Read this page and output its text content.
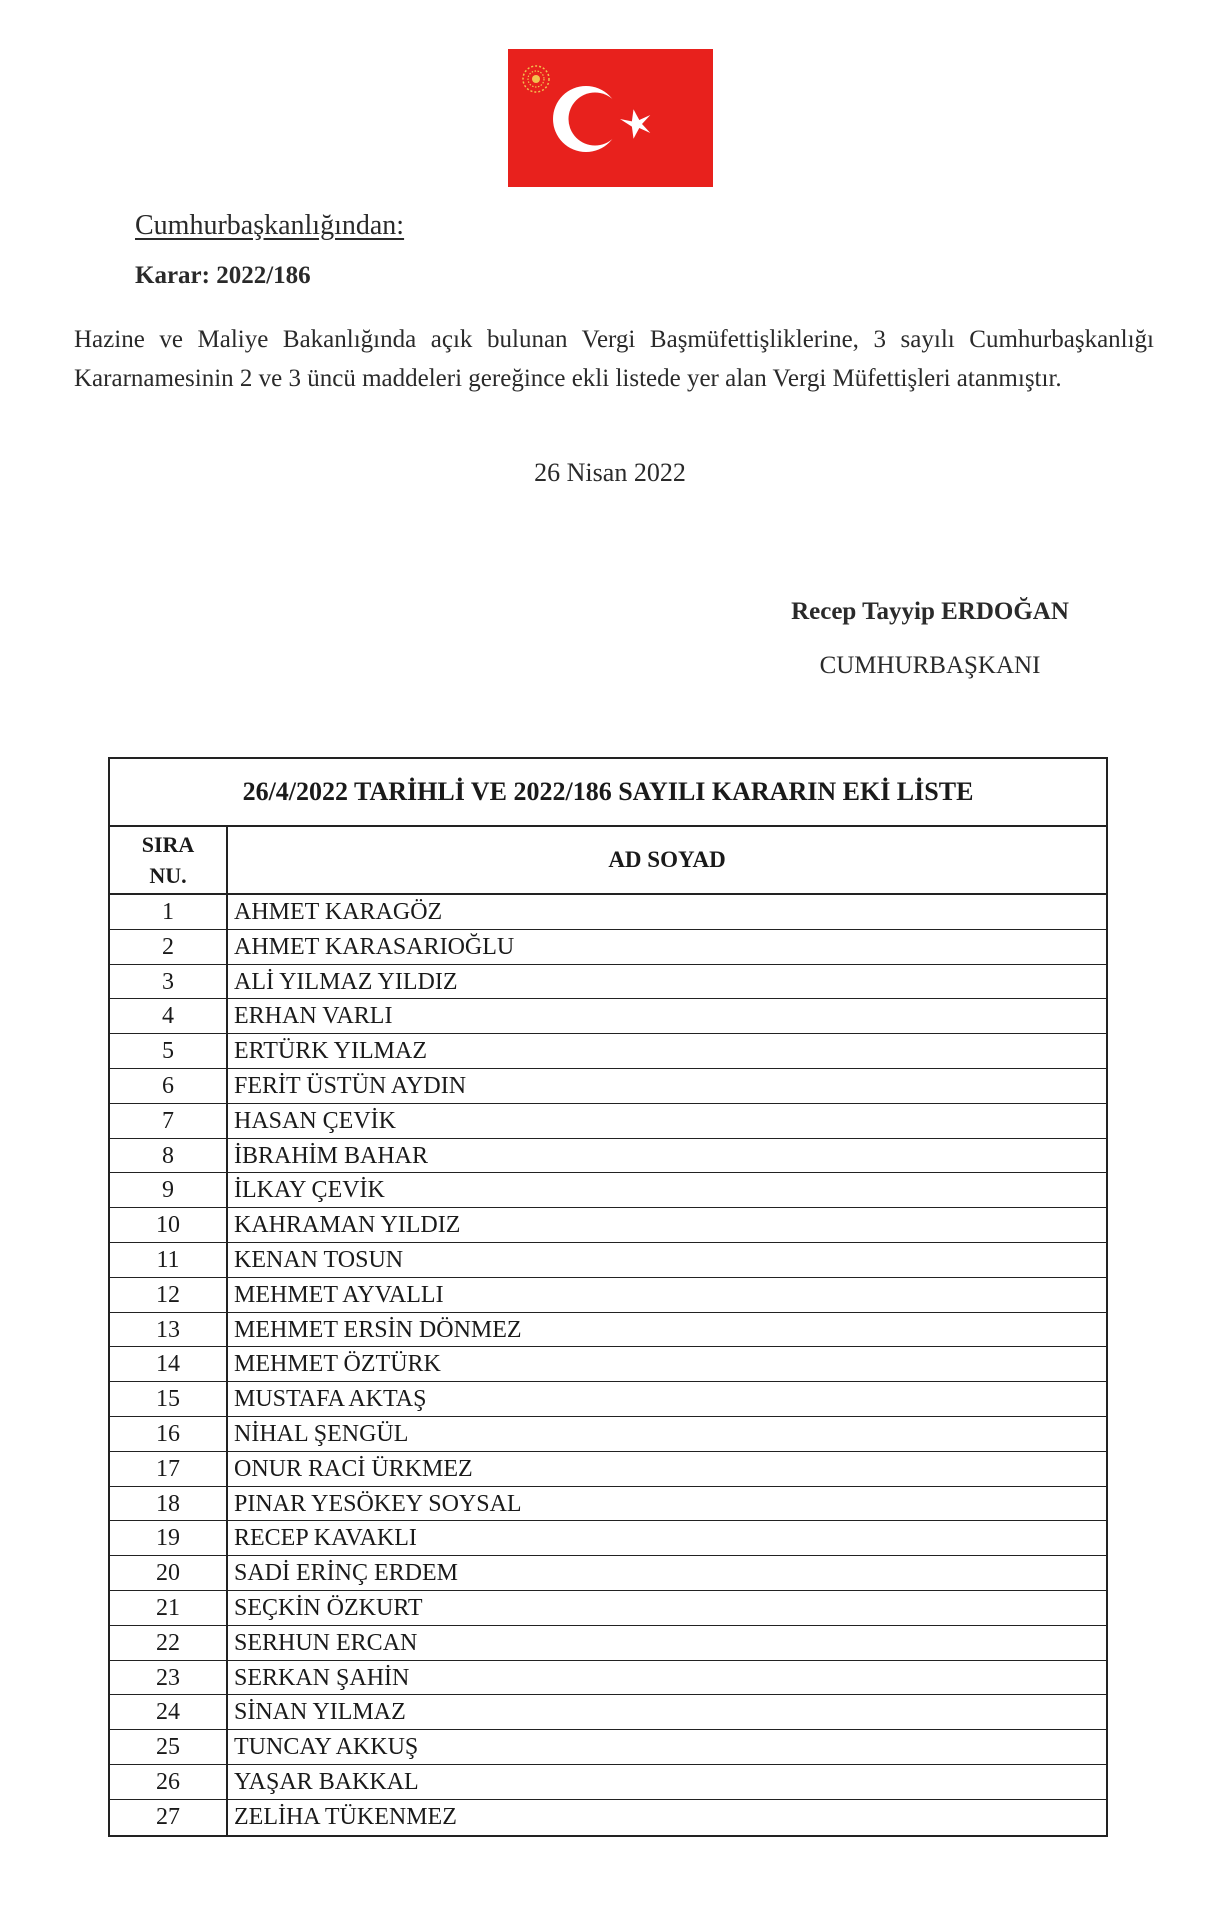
Cumhurbaşkanlığından:
Karar: 2022/186
Hazine ve Maliye Bakanlığında açık bulunan Vergi Başmüfettişliklerine, 3 sayılı Cumhurbaşkanlığı Kararnamesinin 2 ve 3 üncü maddeleri gereğince ekli listede yer alan Vergi Müfettişleri atanmıştır.
26 Nisan 2022
Recep Tayyip ERDOĞAN
CUMHURBAŞKANI
26/4/2022 TARİHLİ VE 2022/186 SAYILI KARARIN EKİ LİSTE
SIRA
NU.
AD SOYAD
1	AHMET KARAGÖZ
2	AHMET KARASARIOĞLU
3	ALİ YILMAZ YILDIZ
4	ERHAN VARLI
5	ERTÜRK YILMAZ
6	FERİT ÜSTÜN AYDIN
7	HASAN ÇEVİK
8	İBRAHİM BAHAR
9	İLKAY ÇEVİK
10	KAHRAMAN YILDIZ
11	KENAN TOSUN
12	MEHMET AYVALLI
13	MEHMET ERSİN DÖNMEZ
14	MEHMET ÖZTÜRK
15	MUSTAFA AKTAŞ
16	NİHAL ŞENGÜL
17	ONUR RACİ ÜRKMEZ
18	PINAR YESÖKEY SOYSAL
19	RECEP KAVAKLI
20	SADİ ERİNÇ ERDEM
21	SEÇKİN ÖZKURT
22	SERHUN ERCAN
23	SERKAN ŞAHİN
24	SİNAN YILMAZ
25	TUNCAY AKKUŞ
26	YAŞAR BAKKAL
27	ZELİHA TÜKENMEZ
